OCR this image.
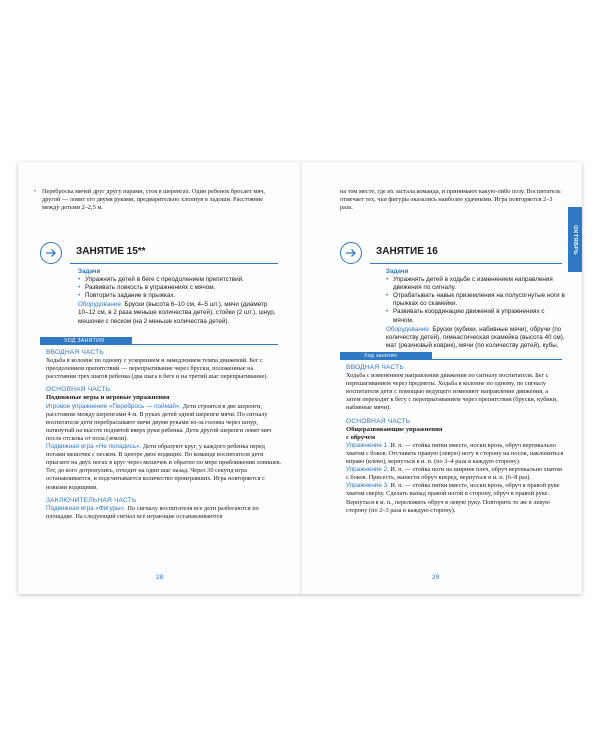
• Переброска мячей друг другу парами, стоя в шеренгах. Один ребенок бросает мяч, другой — ловит его двумя руками, предварительно хлопнув в ладоши. Расстояние между детьми 2–2,5 м.

ЗАНЯТИЕ 15**

Задачи

• Упражнять детей в беге с преодолением препятствий.

• Развивать ловкость в упражнениях с мячом.

• Повторить задание в прыжках.

Оборудование. Бруски (высота 6–10 см, 4–5 шт.), мячи (диаметр 10–12 см, в 2 раза меньше количества детей), стойки (2 шт.), шнур, мешочки с песком (на 2 меньше количества детей).

ХОД ЗАНЯТИЯ

ВВОДНАЯ ЧАСТЬ

Ходьба в колонне по одному с ускорением и замедлением темпа движений. Бег с преодолением препятствий — перепрыгивание через бруски, положенные на расстоянии трех шагов ребенка (два шага в беге и на третий шаг перепрыгивание).

ОСНОВНАЯ ЧАСТЬ

Подвижные игры и игровые упражнения

Игровое упражнение «Перебрось — поймай». Дети строятся в две шеренги, расстояние между шеренгами 4 м. В руках детей одной шеренги мячи. По сигналу воспитателя дети перебрасывают мячи двумя руками из-за головы через шнур, натянутый на высоте поднятой вверх руки ребенка. Дети другой шеренги ловят мяч после отскока от пола (земли).

Подвижная игра «Не попадись». Дети образуют круг, у каждого ребенка перед ногами мешочек с песком. В центре двое водящих. По команде воспитателя дети прыгают на двух ногах в круг через мешочек и обратно по мере приближения ловишек. Тот, до кого дотронулись, отходит на один шаг назад. Через 30 секунд игра останавливается, и подсчитывается количество проигравших. Игра повторяется с новыми водящими.

ЗАКЛЮЧИТЕЛЬНАЯ ЧАСТЬ

Подвижная игра «Фигуры». По сигналу воспитателя все дети разбегаются по площадке. На следующий сигнал все играющие останавливаются

28

на том месте, где их застала команда, и принимают какую-либо позу. Воспитатель отмечает тех, чьи фигуры оказались наиболее удачными. Игра повторяется 2–3 раза.

ЗАНЯТИЕ 16

Задачи

• Упражнять детей в ходьбе с изменением направления движения по сигналу.

• Отрабатывать навык приземления на полусогнутые ноги в прыжках со скамейки.

• Развивать координацию движений в упражнениях с мячом.

Оборудование. Бруски (кубики, набивные мячи), обручи (по количеству детей), гимнастическая скамейка (высота 40 см), мат (резиновый коврик), мячи (по количеству детей), кубы.

Ход занятия

ВВОДНАЯ ЧАСТЬ

Ходьба с изменением направления движения по сигналу воспитателя. Бег с перешагиванием через предметы. Ходьба в колонне по одному, по сигналу воспитателя дети с помощью ведущего изменяют направление движения, а затем переходят к бегу с перепрыгиванием через препятствия (бруски, кубики, набивные мячи).

ОСНОВНАЯ ЧАСТЬ

Общеразвивающие упражнения

с обручем

Упражнение 1. И. п. — стойка пятки вместе, носки врозь, обруч вертикально хватом с боков. Отставить правую (левую) ногу в сторону на носок, наклониться вправо (влево), вернуться в и. п. (по 3–4 раза в каждую сторону).

Упражнение 2. И. п. — стойка ноги на ширине плеч, обруч вертикально хватом с боков. Присесть, вынести обруч вперед, вернуться в и. п. (6–8 раз).

Упражнение 3. И. п. — стойка пятки вместе, носки врозь, обруч в правой руке хватом сверху. Сделать выпад правой ногой в сторону, обруч в правой руке. Вернуться в и. п., переложить обруч в левую руку. Повторить то же в левую сторону (по 2–3 раза в каждую сторону).

29
ОКТЯБРЬ
